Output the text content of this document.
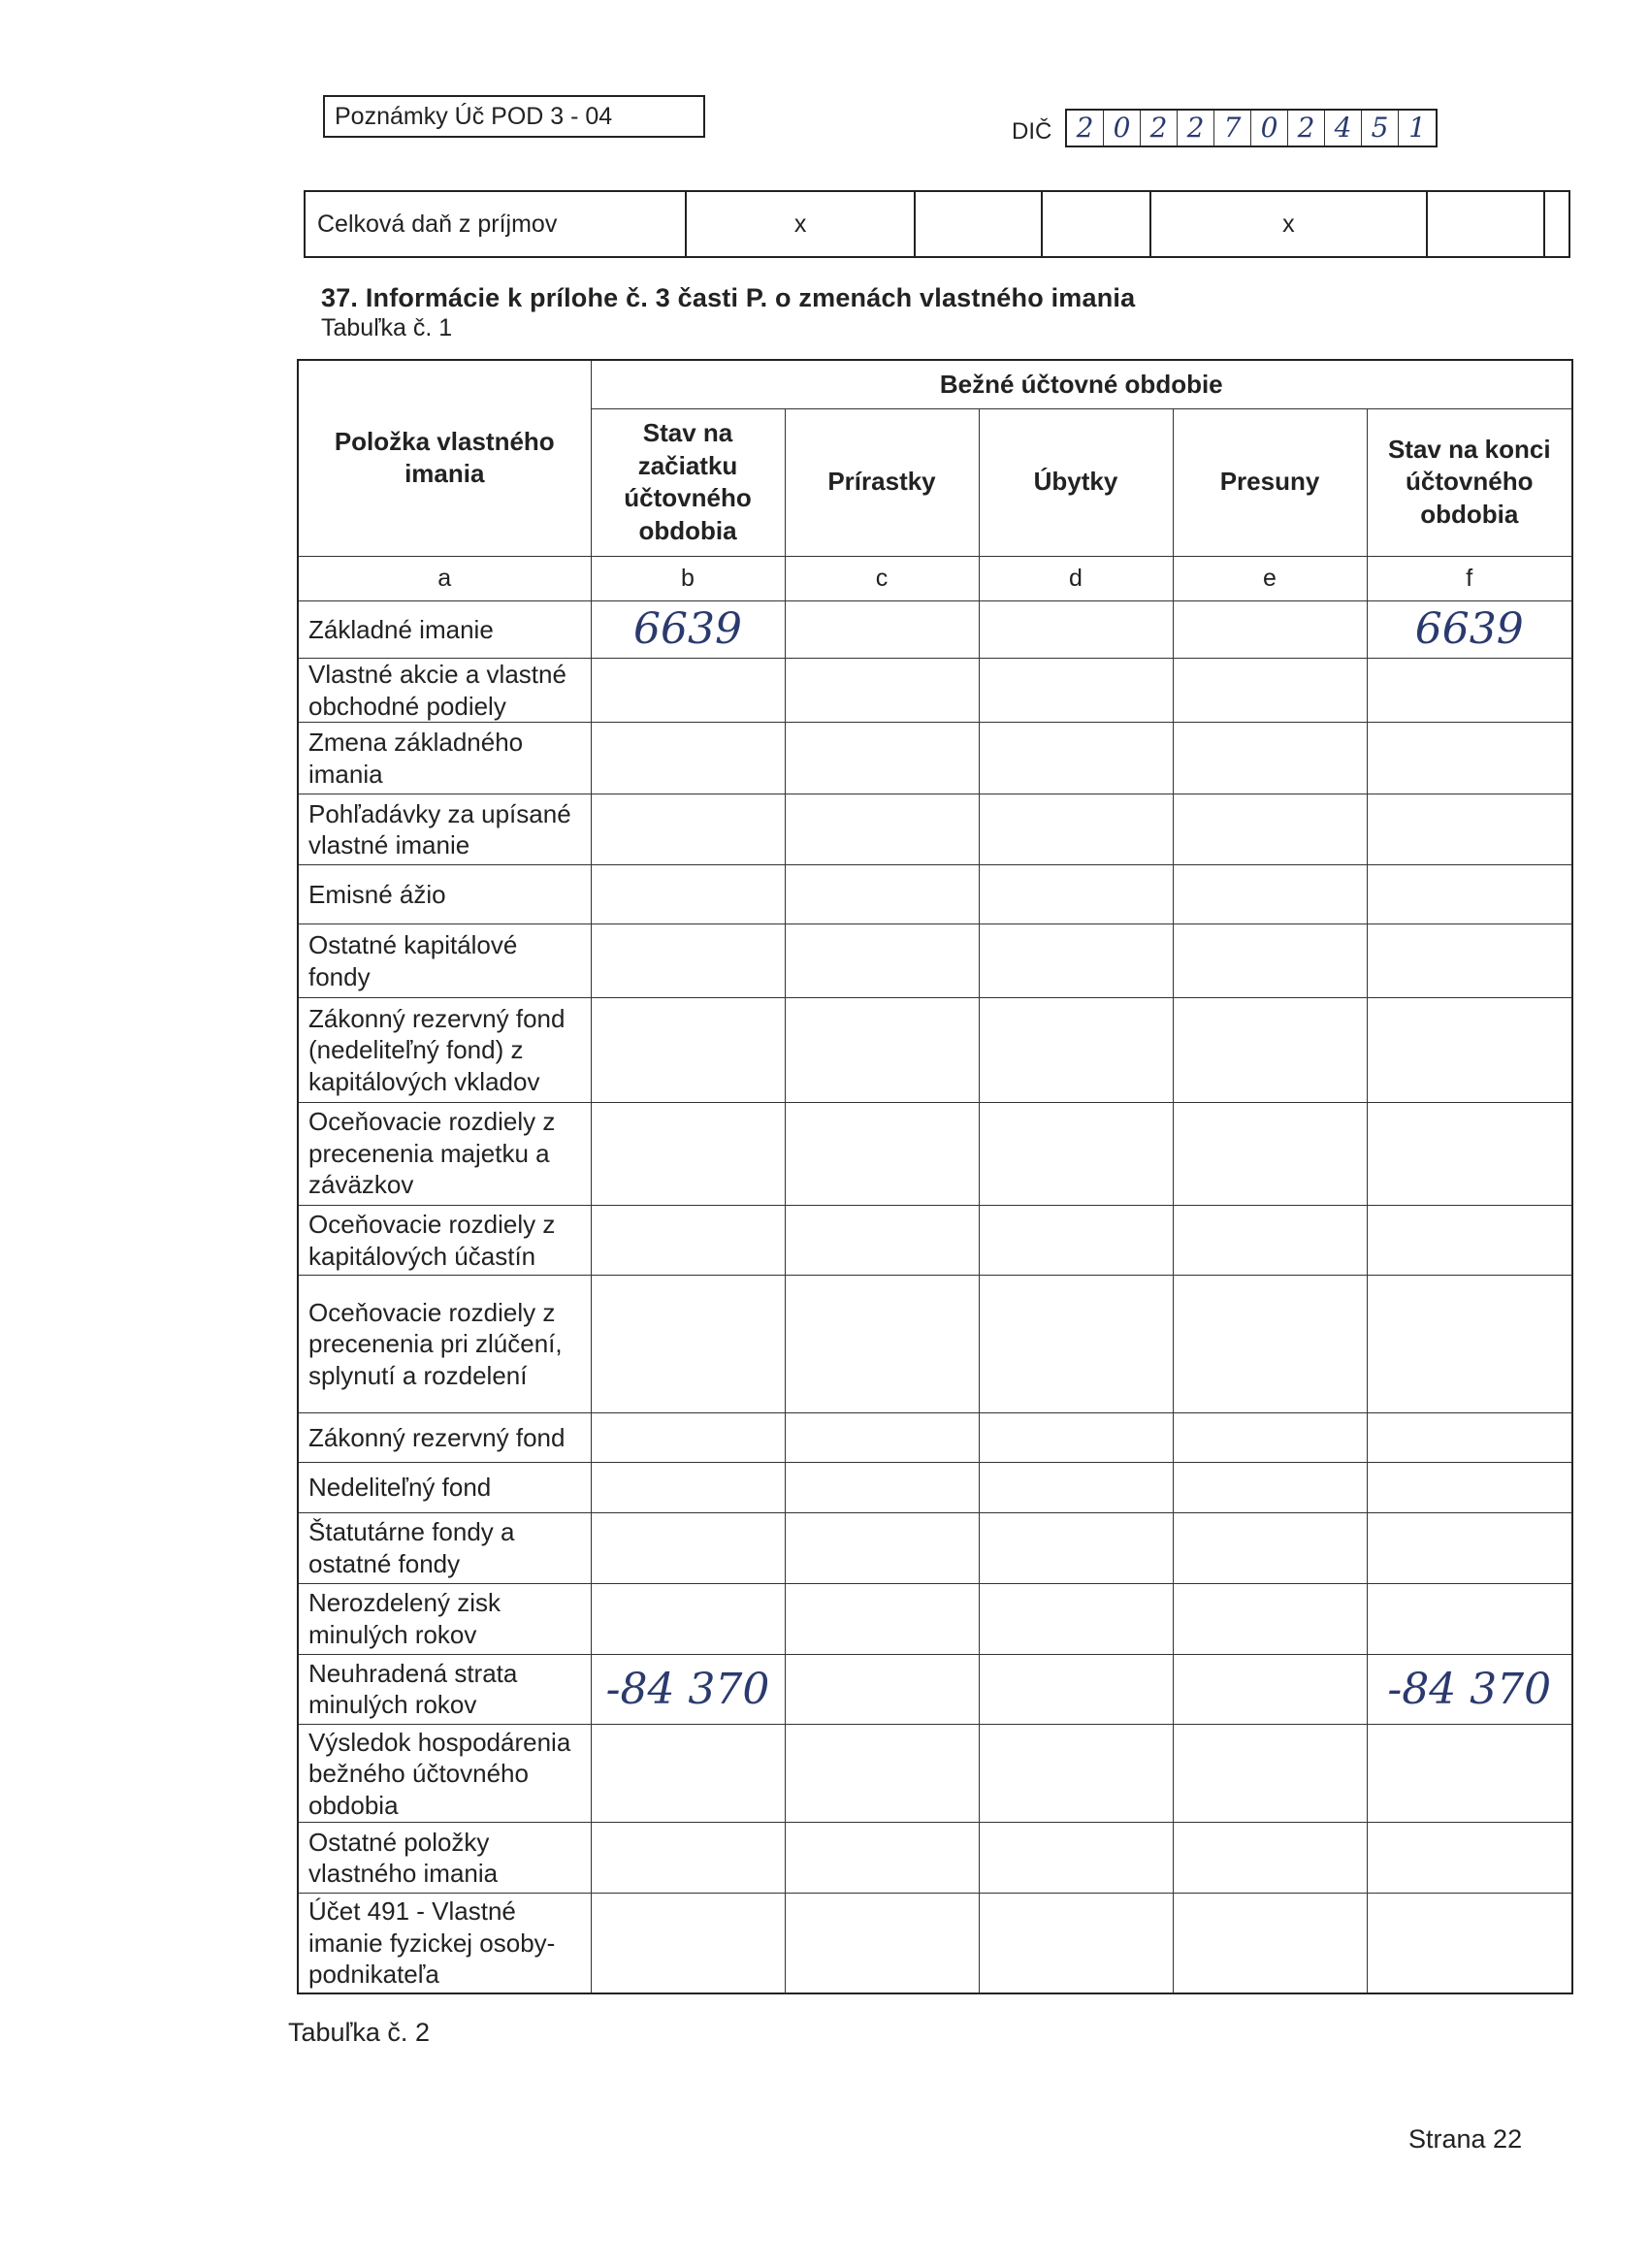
Poznámky Úč POD 3 - 04
DIČ 2 0 2 2 7 0 2 4 5 1
Celková daň z príjmov	x			x		
37. Informácie k prílohe č. 3 časti P. o zmenách vlastného imania
Tabuľka č. 1
Položka vlastného imania	Bežné účtovné obdobie				

	Stav na začiatku účtovného obdobia	Prírastky	Úbytky	Presuny	Stav na konci účtovného obdobia

a	b	c	d	e	f
Základné imanie	6639				6639
Vlastné akcie a vlastné obchodné podiely					
Zmena základného imania					
Pohľadávky za upísané vlastné imanie					
Emisné ážio					
Ostatné kapitálové fondy					
Zákonný rezervný fond (nedeliteľný fond) z kapitálových vkladov					
Oceňovacie rozdiely z precenenia majetku a záväzkov					
Oceňovacie rozdiely z kapitálových účastín					
Oceňovacie rozdiely z precenenia pri zlúčení, splynutí a rozdelení					
Zákonný rezervný fond					
Nedeliteľný fond					
Štatutárne fondy a ostatné fondy					
Nerozdelený zisk minulých rokov					
Neuhradená strata minulých rokov	-84 370				-84 370
Výsledok hospodárenia bežného účtovného obdobia					
Ostatné položky vlastného imania					
Účet 491 - Vlastné imanie fyzickej osoby-podnikateľa					
Tabuľka č. 2
Strana 22
